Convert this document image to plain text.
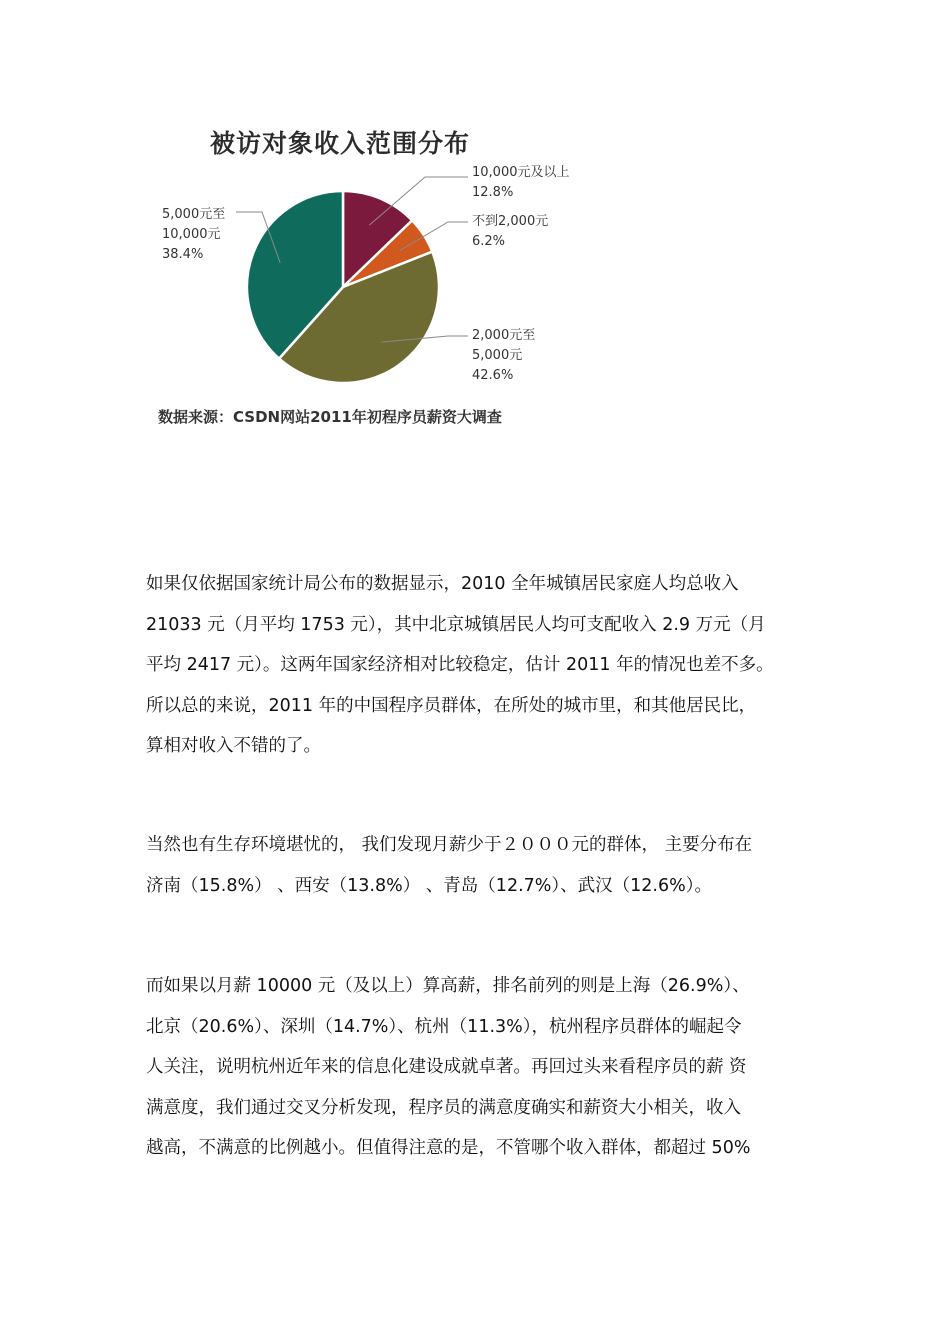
被访对象收入范围分布
10,000元及以上
12.8%
不到2,000元
6.2%
2,000元至
5,000元
42.6%
5,000元至
10,000元
38.4%
数据来源：CSDN网站2011年初程序员薪资大调查
如果仅依据国家统计局公布的数据显示，2010 全年城镇居民家庭人均总收入
21033 元（月平均 1753 元），其中北京城镇居民人均可支配收入 2.9 万元（月
平均 2417 元）。这两年国家经济相对比较稳定，估计 2011 年的情况也差不多。
所以总的来说，2011 年的中国程序员群体，在所处的城市里，和其他居民比，
算相对收入不错的了。
当然也有生存环境堪忧的， 我们发现月薪少于２０００元的群体， 主要分布在
济南（15.8%） 、西安（13.8%） 、青岛（12.7%）、武汉（12.6%）。
而如果以月薪 10000 元（及以上）算高薪，排名前列的则是上海（26.9%）、
北京（20.6%）、深圳（14.7%）、杭州（11.3%），杭州程序员群体的崛起令
人关注，说明杭州近年来的信息化建设成就卓著。再回过头来看程序员的薪 资
满意度，我们通过交叉分析发现，程序员的满意度确实和薪资大小相关，收入
越高，不满意的比例越小。但值得注意的是，不管哪个收入群体，都超过 50%
